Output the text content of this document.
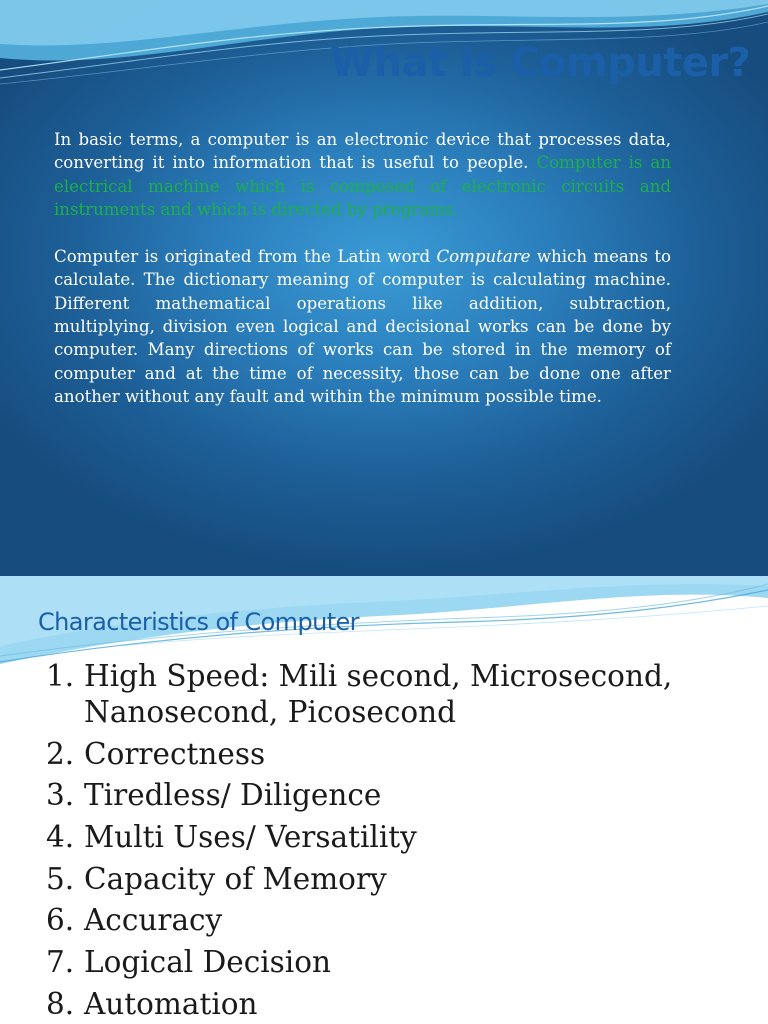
What is Computer?

In basic terms, a computer is an electronic device that processes data, converting it into information that is useful to people. Computer is an electrical machine which is composed of electronic circuits and instruments and which is directed by programs.

Computer is originated from the Latin word Computare which means to calculate. The dictionary meaning of computer is calculating machine. Different mathematical operations like addition, subtraction, multiplying, division even logical and decisional works can be done by computer. Many directions of works can be stored in the memory of computer and at the time of necessity, those can be done one after another without any fault and within the minimum possible time.

Characteristics of Computer
1. High Speed: Mili second, Microsecond, Nanosecond, Picosecond
2. Correctness
3. Tiredless/ Diligence
4. Multi Uses/ Versatility
5. Capacity of Memory
6. Accuracy
7. Logical Decision
8. Automation
